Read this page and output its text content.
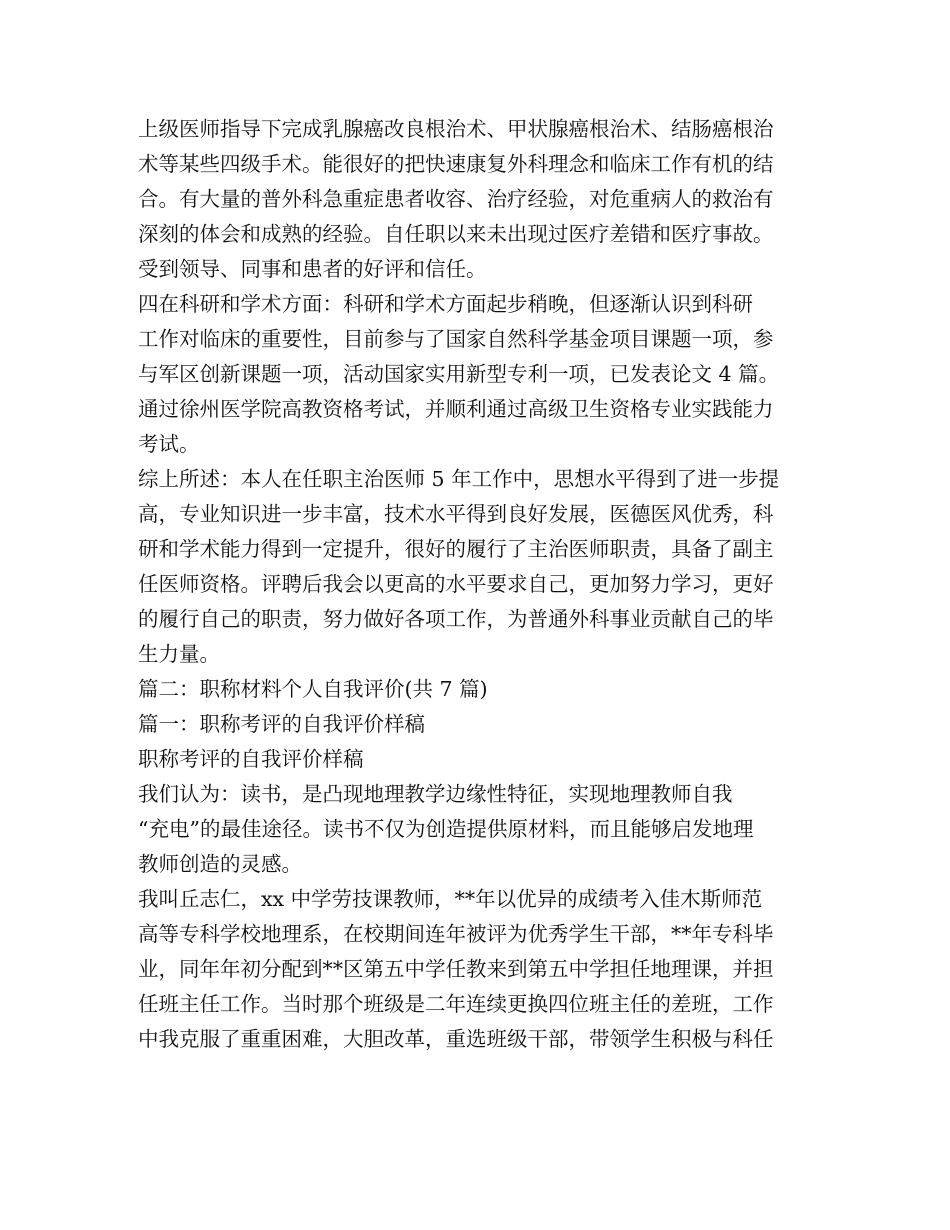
上级医师指导下完成乳腺癌改良根治术、甲状腺癌根治术、结肠癌根治
术等某些四级手术。能很好的把快速康复外科理念和临床工作有机的结
合。有大量的普外科急重症患者收容、治疗经验，对危重病人的救治有
深刻的体会和成熟的经验。自任职以来未出现过医疗差错和医疗事故。
受到领导、同事和患者的好评和信任。
四在科研和学术方面：科研和学术方面起步稍晚，但逐渐认识到科研
工作对临床的重要性，目前参与了国家自然科学基金项目课题一项，参
与军区创新课题一项，活动国家实用新型专利一项，已发表论文 4 篇。
通过徐州医学院高教资格考试，并顺利通过高级卫生资格专业实践能力
考试。
综上所述：本人在任职主治医师 5 年工作中，思想水平得到了进一步提
高，专业知识进一步丰富，技术水平得到良好发展，医德医风优秀，科
研和学术能力得到一定提升，很好的履行了主治医师职责，具备了副主
任医师资格。评聘后我会以更高的水平要求自己，更加努力学习，更好
的履行自己的职责，努力做好各项工作，为普通外科事业贡献自己的毕
生力量。
篇二：职称材料个人自我评价(共 7 篇)
篇一：职称考评的自我评价样稿
职称考评的自我评价样稿
我们认为：读书，是凸现地理教学边缘性特征，实现地理教师自我
“充电”的最佳途径。读书不仅为创造提供原材料，而且能够启发地理
教师创造的灵感。
我叫丘志仁，xx 中学劳技课教师，**年以优异的成绩考入佳木斯师范
高等专科学校地理系，在校期间连年被评为优秀学生干部，**年专科毕
业，同年年初分配到**区第五中学任教来到第五中学担任地理课，并担
任班主任工作。当时那个班级是二年连续更换四位班主任的差班，工作
中我克服了重重困难，大胆改革，重选班级干部，带领学生积极与科任
